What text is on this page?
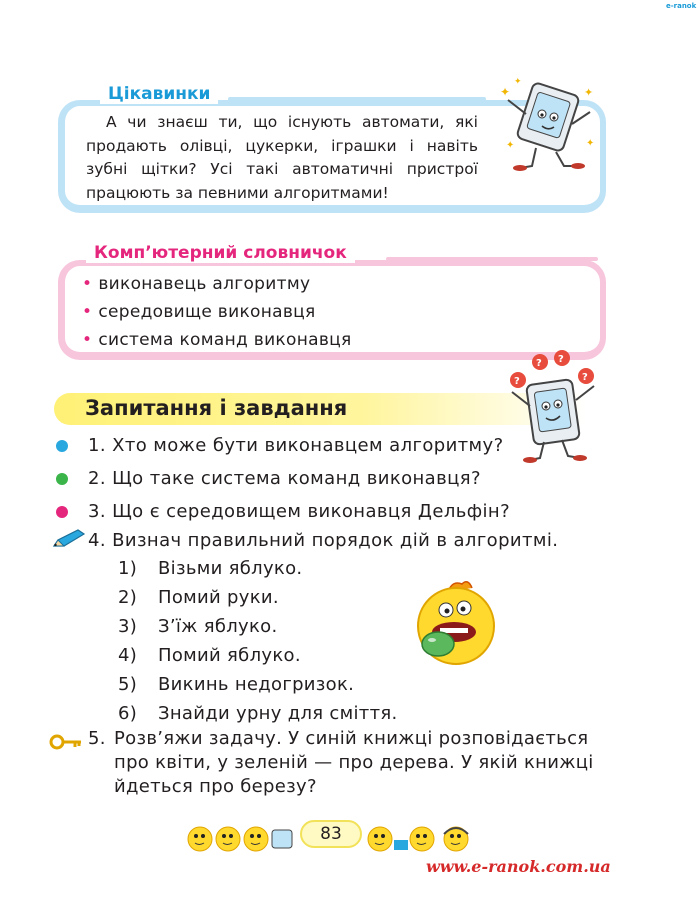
e-ranok
Цікавинки
А чи знаєш ти, що існують автомати, які продають олівці, цукерки, іграшки і навіть зубні щітки? Усі такі автоматичні пристрої працюють за певними алгоритмами!
✦
✦
✦
✦
✦
Комп’ютерний словничок
• виконавець алгоритму
• середовище виконавця
• система команд виконавця
Запитання і завдання
?
? ?
?
1. Хто може бути виконавцем алгоритму?
2. Що таке система команд виконавця?
3. Що є середовищем виконавця Дельфін?
4. Визнач правильний порядок дій в алгоритмі.
1) Візьми яблуко.
2) Помий руки.
3) З’їж яблуко.
4) Помий яблуко.
5) Викинь недогризок.
6) Знайди урну для сміття.
5. Розв’яжи задачу. У синій книжці розповідається
про квіти, у зеленій — про дерева. У якій книжці
йдеться про березу?
83
www.e-ranok.com.ua
